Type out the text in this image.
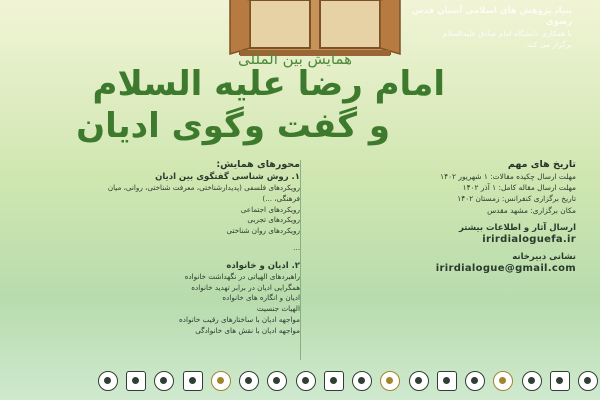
بنیاد پژوهش های اسلامی آستان قدس رضوی
با همکاری دانشگاه امام صادق علیه‌السلام
برگزار می کند:
همایش بین المللی
امام رضا علیه السلام
و گفت وگوی ادیان
تاریخ های مهم
مهلت ارسال چکیده مقالات: ۱ شهریور ۱۴۰۲
مهلت ارسال مقاله کامل: ۱ آذر ۱۴۰۲
تاریخ برگزاری کنفرانس: زمستان ۱۴۰۲
مکان برگزاری: مشهد مقدس
ارسال آثار و اطلاعات بیشتر
irirdialoguefa.ir
نشانی دبیرخانه
irirdialogue@gmail.com
محورهای همایش:
۱. روش شناسی گفتگوی بین ادیان
رویکردهای فلسفی (پدیدارشناختی، معرفت شناختی، روانی، میان فرهنگی، ...)
رویکردهای اجتماعی
رویکردهای تجربی
رویکردهای روان شناختی
...
۲. ادیان و خانواده
راهبردهای الهیاتی در نگهداشت خانواده
همگرایی ادیان در برابر تهدید خانواده
ادیان و انگاره های خانواده
الهیات جنسیت
مواجهه ادیان با ساختارهای رقیب خانواده
مواجهه ادیان با نقش های خانوادگی
